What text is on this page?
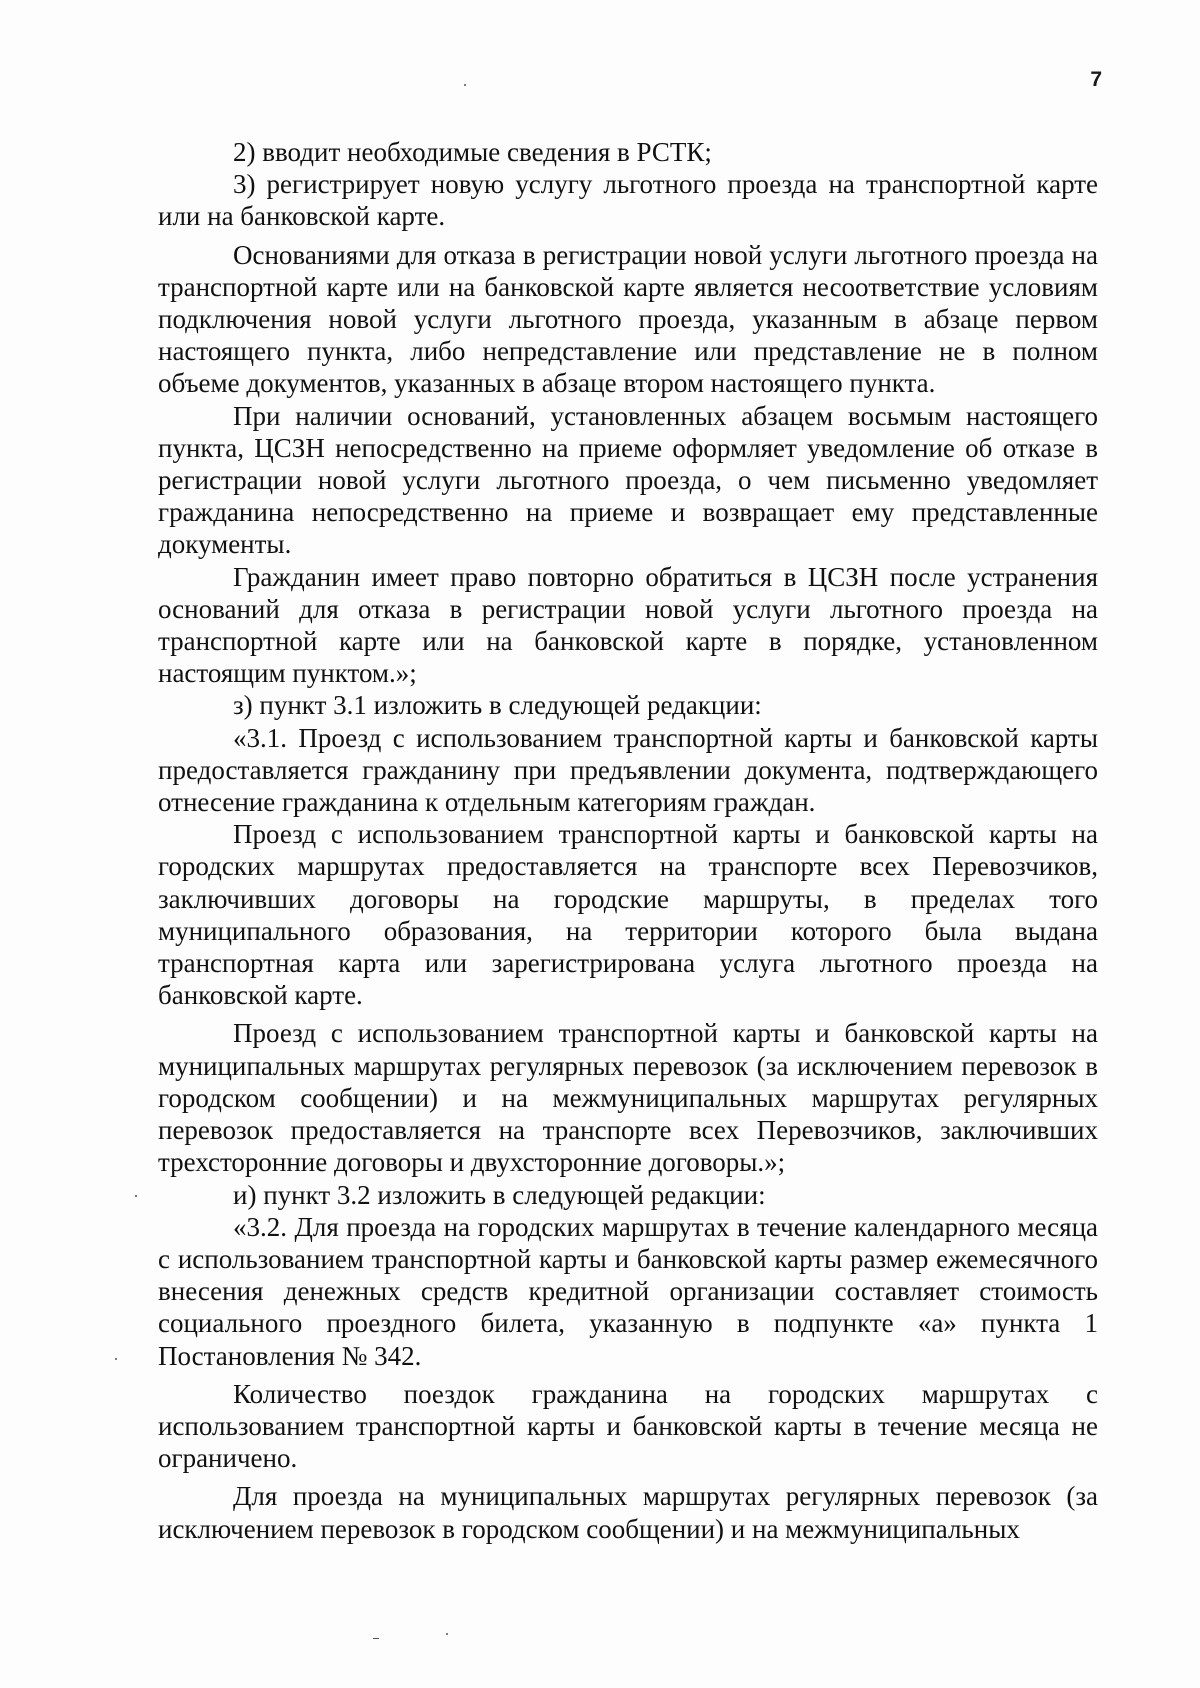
7

2) вводит необходимые сведения в РСТК;

3) регистрирует новую услугу льготного проезда на транспортной карте или на банковской карте.

Основаниями для отказа в регистрации новой услуги льготного проезда на транспортной карте или на банковской карте является несоответствие условиям подключения новой услуги льготного проезда, указанным в абзаце первом настоящего пункта, либо непредставление или представление не в полном объеме документов, указанных в абзаце втором настоящего пункта.

При наличии оснований, установленных абзацем восьмым настоящего пункта, ЦСЗН непосредственно на приеме оформляет уведомление об отказе в регистрации новой услуги льготного проезда, о чем письменно уведомляет гражданина непосредственно на приеме и возвращает ему представленные документы.

Гражданин имеет право повторно обратиться в ЦСЗН после устранения оснований для отказа в регистрации новой услуги льготного проезда на транспортной карте или на банковской карте в порядке, установленном настоящим пунктом.»;

з) пункт 3.1 изложить в следующей редакции:

«3.1. Проезд с использованием транспортной карты и банковской карты предоставляется гражданину при предъявлении документа, подтверждающего отнесение гражданина к отдельным категориям граждан.

Проезд с использованием транспортной карты и банковской карты на городских маршрутах предоставляется на транспорте всех Перевозчиков, заключивших договоры на городские маршруты, в пределах того муниципального образования, на территории которого была выдана транспортная карта или зарегистрирована услуга льготного проезда на банковской карте.

Проезд с использованием транспортной карты и банковской карты на муниципальных маршрутах регулярных перевозок (за исключением перевозок в городском сообщении) и на межмуниципальных маршрутах регулярных перевозок предоставляется на транспорте всех Перевозчиков, заключивших трехсторонние договоры и двухсторонние договоры.»;

и) пункт 3.2 изложить в следующей редакции:

«3.2. Для проезда на городских маршрутах в течение календарного месяца с использованием транспортной карты и банковской карты размер ежемесячного внесения денежных средств кредитной организации составляет стоимость социального проездного билета, указанную в подпункте «а» пункта 1 Постановления № 342.

Количество поездок гражданина на городских маршрутах с использованием транспортной карты и банковской карты в течение месяца не ограничено.

Для проезда на муниципальных маршрутах регулярных перевозок (за исключением перевозок в городском сообщении) и на межмуниципальных
